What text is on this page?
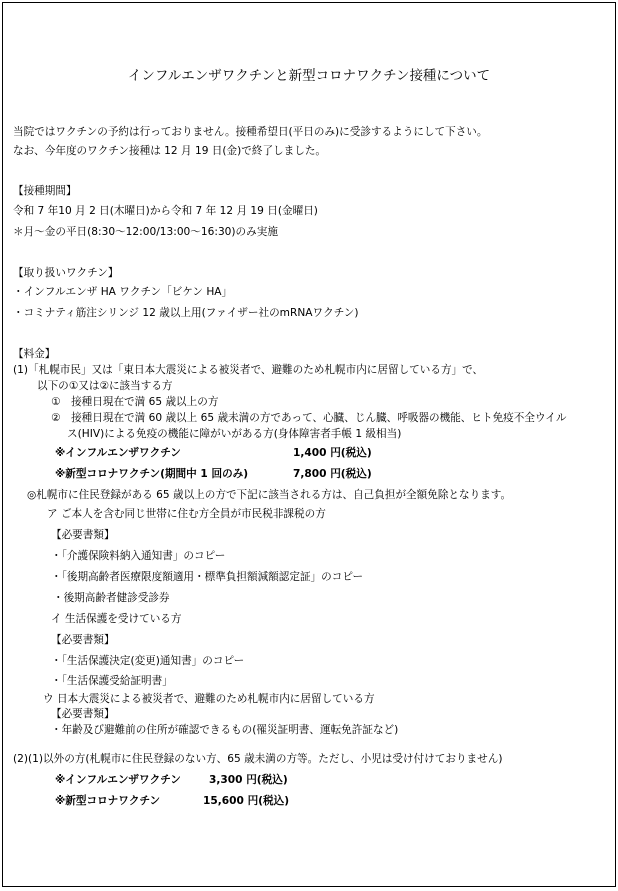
インフルエンザワクチンと新型コロナワクチン接種について
当院ではワクチンの予約は行っておりません。接種希望日(平日のみ)に受診するようにして下さい。
なお、今年度のワクチン接種は 12 月 19 日(金)で終了しました。
【接種期間】
令和 7 年10 月 2 日(木曜日)から令和 7 年 12 月 19 日(金曜日)
＊月～金の平日(8:30～12:00/13:00～16:30)のみ実施
【取り扱いワクチン】
・インフルエンザ HA ワクチン「ビケン HA」
・コミナティ筋注シリンジ 12 歳以上用(ファイザー社のmRNAワクチン)
【料金】
(1)「札幌市民」又は「東日本大震災による被災者で、避難のため札幌市内に居留している方」で、
以下の①又は②に該当する方
①　接種日現在で満 65 歳以上の方
②　接種日現在で満 60 歳以上 65 歳未満の方であって、心臓、じん臓、呼吸器の機能、ヒト免疫不全ウイル
ス(HIV)による免疫の機能に障がいがある方(身体障害者手帳 1 級相当)
※インフルエンザワクチン	1,400 円(税込)
※新型コロナワクチン(期間中 1 回のみ)	7,800 円(税込)
◎札幌市に住民登録がある 65 歳以上の方で下記に該当される方は、自己負担が全額免除となります。
ア ご本人を含む同じ世帯に住む方全員が市民税非課税の方
【必要書類】
・「介護保険料納入通知書」のコピー
・「後期高齢者医療限度額適用・標準負担額減額認定証」のコピー
・後期高齢者健診受診券
イ 生活保護を受けている方
【必要書類】
・「生活保護決定(変更)通知書」のコピー
・「生活保護受給証明書」
ウ 日本大震災による被災者で、避難のため札幌市内に居留している方
【必要書類】
・年齢及び避難前の住所が確認できるもの(罹災証明書、運転免許証など)
(2)(1)以外の方(札幌市に住民登録のない方、65 歳未満の方等。ただし、小児は受け付けておりません)
※インフルエンザワクチン	3,300 円(税込)
※新型コロナワクチン	15,600 円(税込)
